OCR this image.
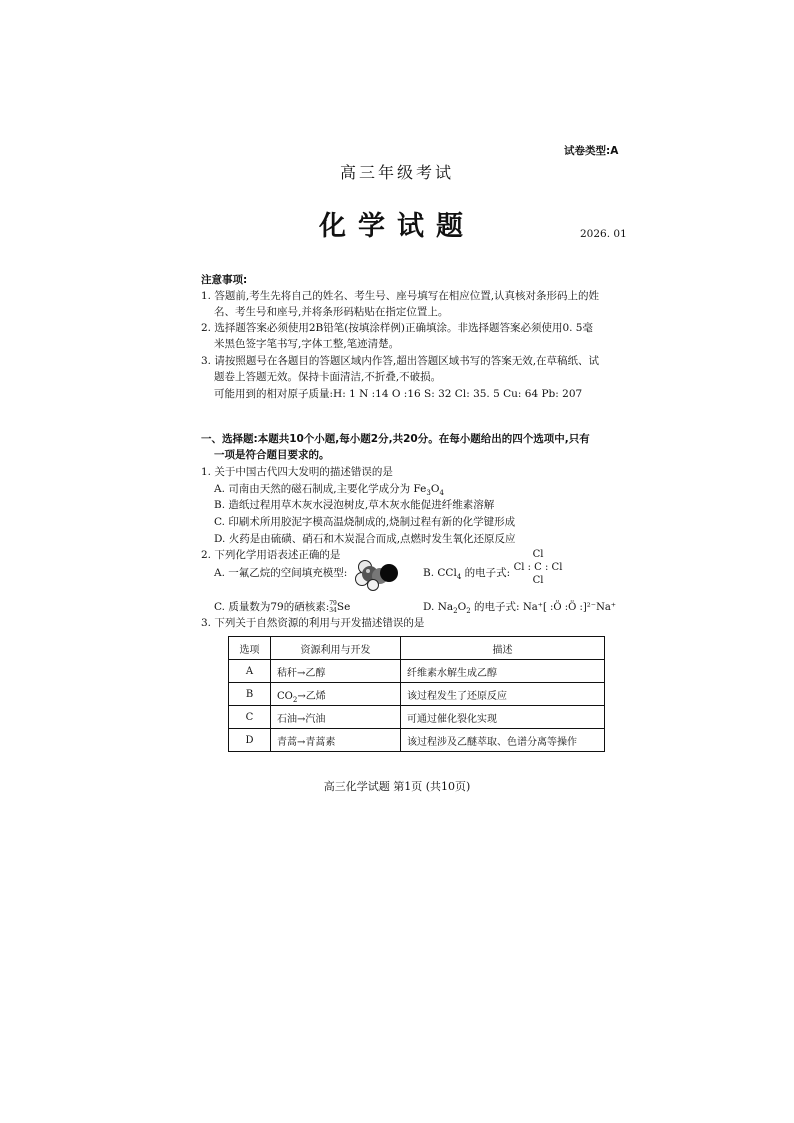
试卷类型:A
高三年级考试
化学试题	2026. 01
注意事项:
1. 答题前,考生先将自己的姓名、考生号、座号填写在相应位置,认真核对条形码上的姓
名、考生号和座号,并将条形码粘贴在指定位置上。
2. 选择题答案必须使用2B铅笔(按填涂样例)正确填涂。非选择题答案必须使用0. 5毫
米黑色签字笔书写,字体工整,笔迹清楚。
3. 请按照题号在各题目的答题区域内作答,超出答题区域书写的答案无效,在草稿纸、试
题卷上答题无效。保持卡面清洁,不折叠,不破损。
可能用到的相对原子质量:H: 1 N :14 O :16 S: 32 Cl: 35. 5 Cu: 64 Pb: 207
一、选择题:本题共10个小题,每小题2分,共20分。在每小题给出的四个选项中,只有
一项是符合题目要求的。
1. 关于中国古代四大发明的描述错误的是
A. 司南由天然的磁石制成,主要化学成分为 $Fe_3O_4$
B. 造纸过程用草木灰水浸泡树皮,草木灰水能促进纤维素溶解
C. 印刷术所用胶泥字模高温烧制成的,烧制过程有新的化学键形成
D. 火药是由硫磺、硝石和木炭混合而成,点燃时发生氧化还原反应
2. 下列化学用语表述正确的是
A. 一氟乙烷的空间填充模型:	B. CCl$_4$ 的电子式:
Cl
Cl : C : Cl
Cl
C. 质量数为79的硒核素: 79
34 Se	D. $Na_2O_2$ 的电子式: Na⁺[ :Ö :Ö :]²⁻Na⁺
3. 下列关于自然资源的利用与开发描述错误的是
选项	资源利用与开发	描述
A	秸秆→乙醇	纤维素水解生成乙醇
B	$CO_2\to$乙烯	该过程发生了还原反应
C	石油→汽油	可通过催化裂化实现
D	青蒿→青蒿素	该过程涉及乙醚萃取、色谱分离等操作
高三化学试题 第1页 (共10页)
